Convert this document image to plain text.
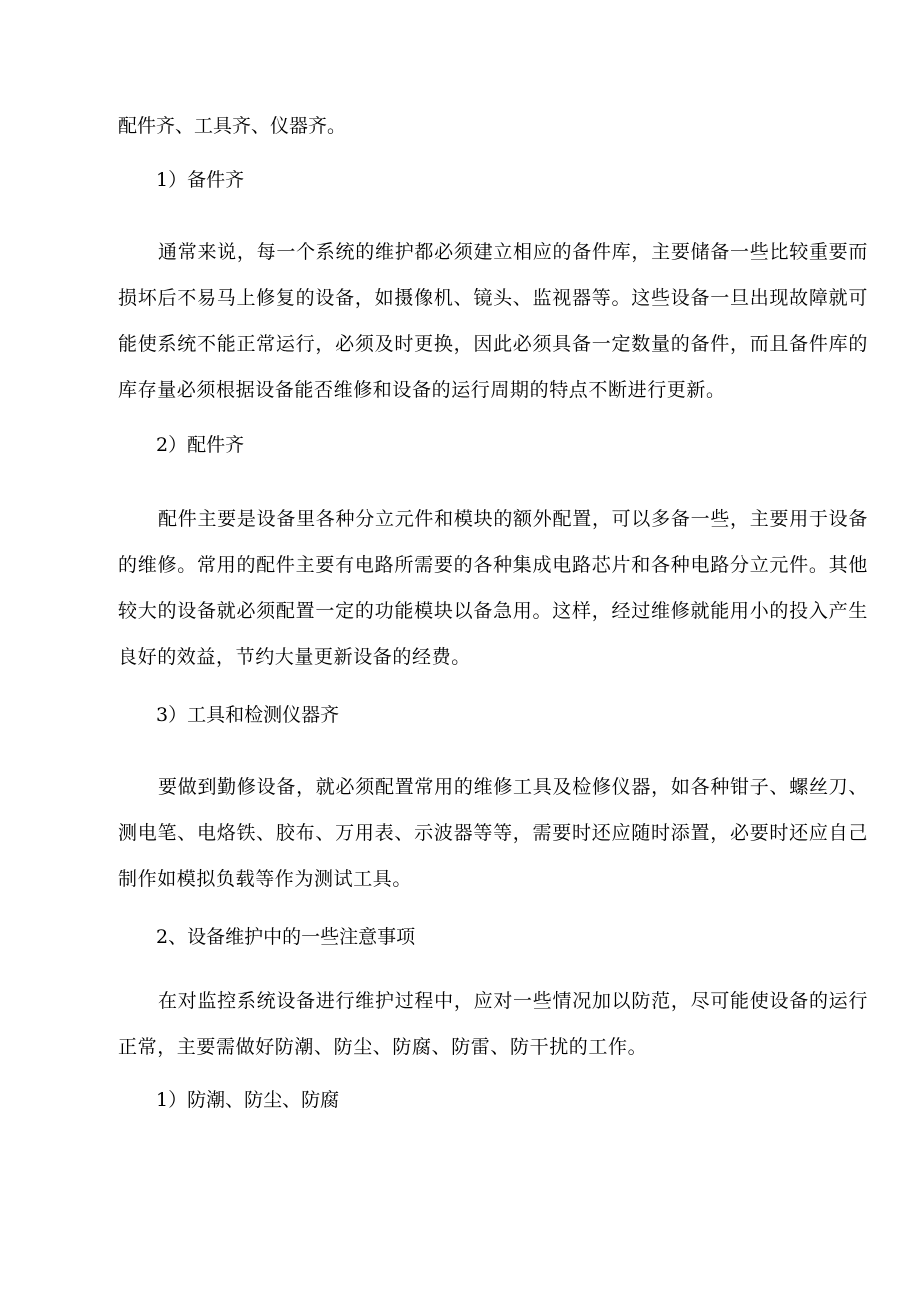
配件齐、工具齐、仪器齐。
1）备件齐
通常来说，每一个系统的维护都必须建立相应的备件库，主要储备一些比较重要而损坏后不易马上修复的设备，如摄像机、镜头、监视器等。这些设备一旦出现故障就可能使系统不能正常运行，必须及时更换，因此必须具备一定数量的备件，而且备件库的库存量必须根据设备能否维修和设备的运行周期的特点不断进行更新。
2）配件齐
配件主要是设备里各种分立元件和模块的额外配置，可以多备一些，主要用于设备的维修。常用的配件主要有电路所需要的各种集成电路芯片和各种电路分立元件。其他较大的设备就必须配置一定的功能模块以备急用。这样，经过维修就能用小的投入产生良好的效益，节约大量更新设备的经费。
3）工具和检测仪器齐
要做到勤修设备，就必须配置常用的维修工具及检修仪器，如各种钳子、螺丝刀、测电笔、电烙铁、胶布、万用表、示波器等等，需要时还应随时添置，必要时还应自己制作如模拟负载等作为测试工具。
2、设备维护中的一些注意事项
在对监控系统设备进行维护过程中，应对一些情况加以防范，尽可能使设备的运行正常，主要需做好防潮、防尘、防腐、防雷、防干扰的工作。
1）防潮、防尘、防腐
